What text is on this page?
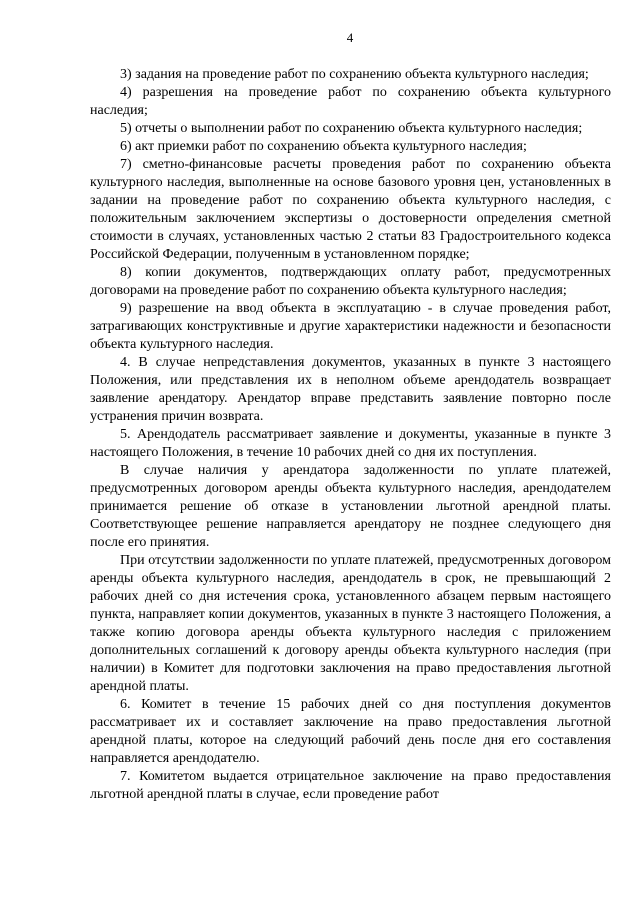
4

3) задания на проведение работ по сохранению объекта культурного наследия;

4) разрешения на проведение работ по сохранению объекта культурного наследия;

5) отчеты о выполнении работ по сохранению объекта культурного наследия;

6) акт приемки работ по сохранению объекта культурного наследия;

7) сметно-финансовые расчеты проведения работ по сохранению объекта культурного наследия, выполненные на основе базового уровня цен, установленных в задании на проведение работ по сохранению объекта культурного наследия, с положительным заключением экспертизы о достоверности определения сметной стоимости в случаях, установленных частью 2 статьи 83 Градостроительного кодекса Российской Федерации, полученным в установленном порядке;

8) копии документов, подтверждающих оплату работ, предусмотренных договорами на проведение работ по сохранению объекта культурного наследия;

9) разрешение на ввод объекта в эксплуатацию - в случае проведения работ, затрагивающих конструктивные и другие характеристики надежности и безопасности объекта культурного наследия.

4. В случае непредставления документов, указанных в пункте 3 настоящего Положения, или представления их в неполном объеме арендодатель возвращает заявление арендатору. Арендатор вправе представить заявление повторно после устранения причин возврата.

5. Арендодатель рассматривает заявление и документы, указанные в пункте 3 настоящего Положения, в течение 10 рабочих дней со дня их поступления.

В случае наличия у арендатора задолженности по уплате платежей, предусмотренных договором аренды объекта культурного наследия, арендодателем принимается решение об отказе в установлении льготной арендной платы. Соответствующее решение направляется арендатору не позднее следующего дня после его принятия.

При отсутствии задолженности по уплате платежей, предусмотренных договором аренды объекта культурного наследия, арендодатель в срок, не превышающий 2 рабочих дней со дня истечения срока, установленного абзацем первым настоящего пункта, направляет копии документов, указанных в пункте 3 настоящего Положения, а также копию договора аренды объекта культурного наследия с приложением дополнительных соглашений к договору аренды объекта культурного наследия (при наличии) в Комитет для подготовки заключения на право предоставления льготной арендной платы.

6. Комитет в течение 15 рабочих дней со дня поступления документов рассматривает их и составляет заключение на право предоставления льготной арендной платы, которое на следующий рабочий день после дня его составления направляется арендодателю.

7. Комитетом выдается отрицательное заключение на право предоставления льготной арендной платы в случае, если проведение работ
